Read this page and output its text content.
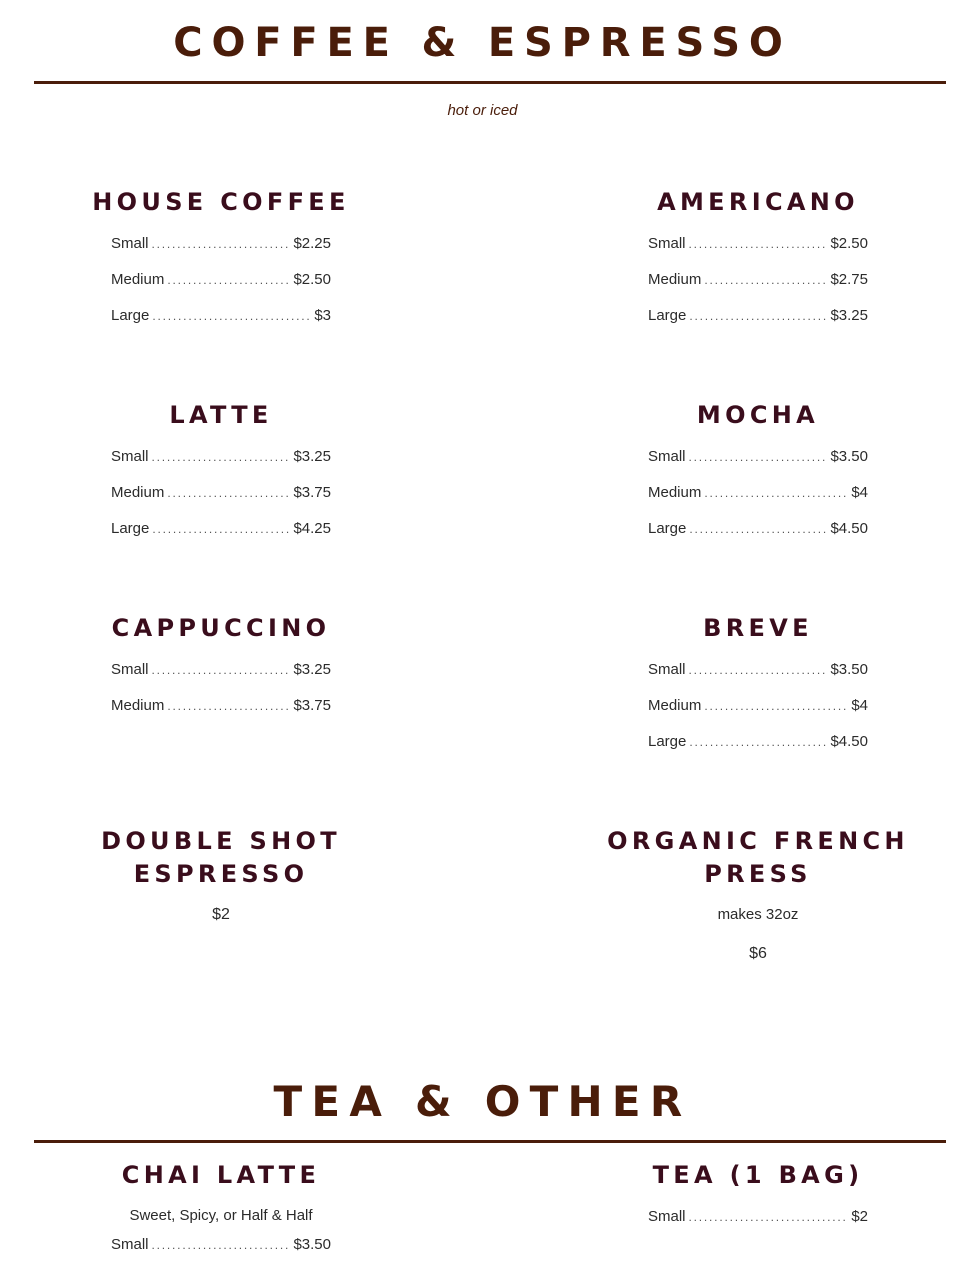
COFFEE & ESPRESSO
hot or iced
HOUSE COFFEE
Small .....	$2.25
Medium .....	$2.50
Large .....	$3
AMERICANO
Small .....	$2.50
Medium .....	$2.75
Large .....	$3.25
LATTE
Small .....	$3.25
Medium .....	$3.75
Large .....	$4.25
MOCHA
Small .....	$3.50
Medium .....	$4
Large .....	$4.50
CAPPUCCINO
Small .....	$3.25
Medium .....	$3.75
BREVE
Small .....	$3.50
Medium .....	$4
Large .....	$4.50
DOUBLE SHOT
ESPRESSO
$2
ORGANIC FRENCH
PRESS
makes 32oz
$6
TEA & OTHER
CHAI LATTE
Sweet, Spicy, or Half & Half
Small .....	$3.50
TEA (1 BAG)
Small .....	$2
